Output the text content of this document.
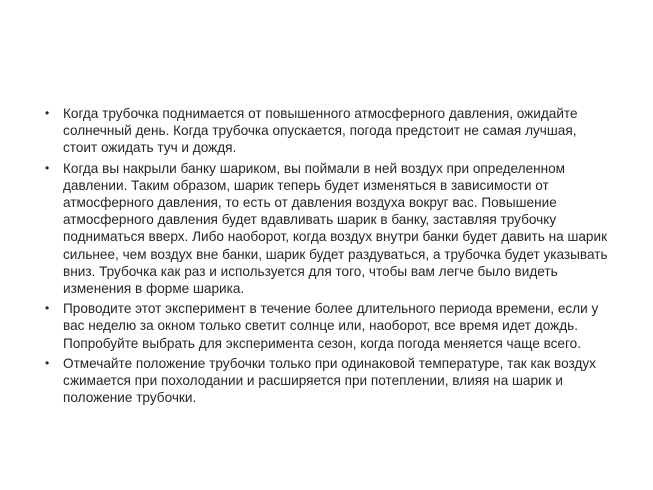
• Когда трубочка поднимается от повышенного атмосферного давления, ожидайте солнечный день. Когда трубочка опускается, погода предстоит не самая лучшая, стоит ожидать туч и дождя.
• Когда вы накрыли банку шариком, вы поймали в ней воздух при определенном давлении. Таким образом, шарик теперь будет изменяться в зависимости от атмосферного давления, то есть от давления воздуха вокруг вас. Повышение атмосферного давления будет вдавливать шарик в банку, заставляя трубочку подниматься вверх. Либо наоборот, когда воздух внутри банки будет давить на шарик сильнее, чем воздух вне банки, шарик будет раздуваться, а трубочка будет указывать вниз. Трубочка как раз и используется для того, чтобы вам легче было видеть изменения в форме шарика.
• Проводите этот эксперимент в течение более длительного периода времени, если у вас неделю за окном только светит солнце или, наоборот, все время идет дождь. Попробуйте выбрать для эксперимента сезон, когда погода меняется чаще всего.
• Отмечайте положение трубочки только при одинаковой температуре, так как воздух сжимается при похолодании и расширяется при потеплении, влияя на шарик и положение трубочки.
